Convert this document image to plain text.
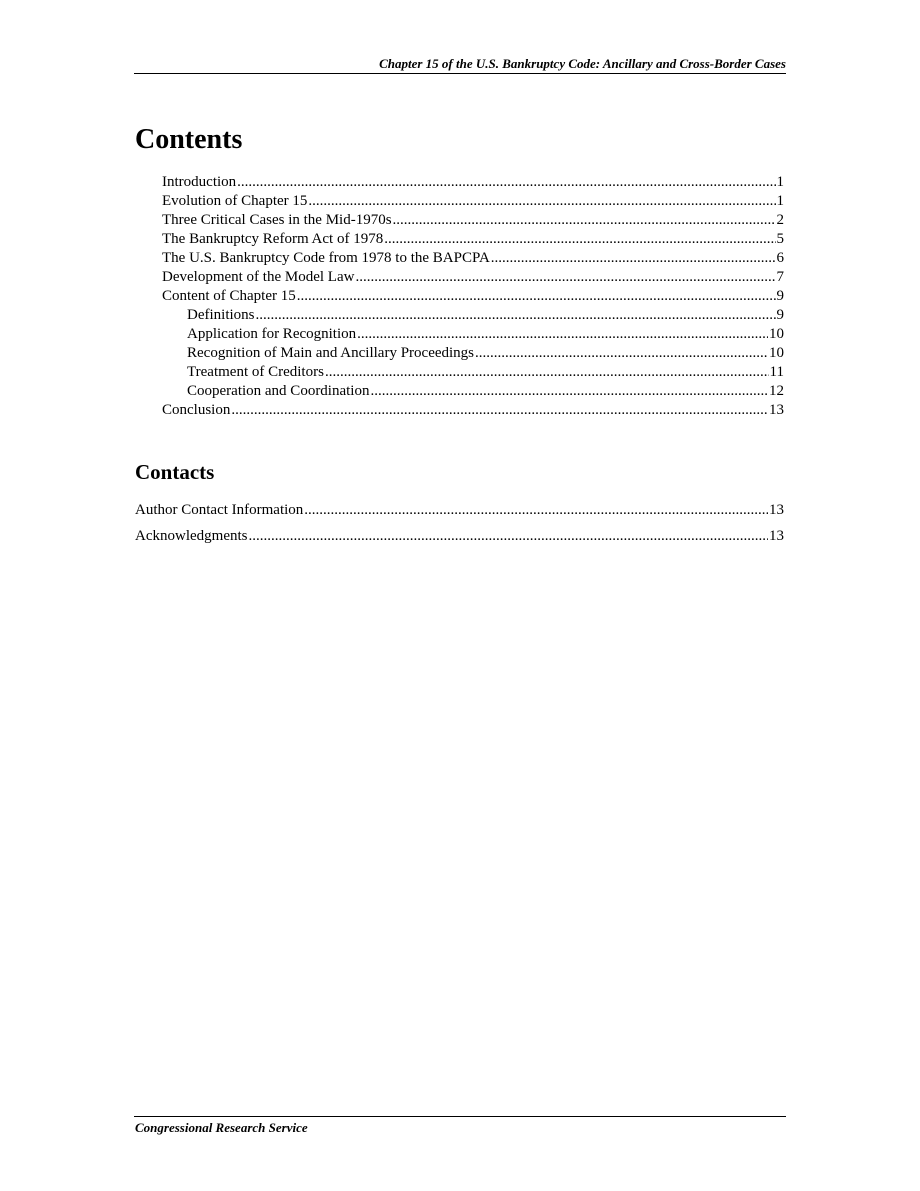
Chapter 15 of the U.S. Bankruptcy Code: Ancillary and Cross-Border Cases
Contents
Introduction .....	1
Evolution of Chapter 15 .....	1
Three Critical Cases in the Mid-1970s .....	2
The Bankruptcy Reform Act of 1978 .....	5
The U.S. Bankruptcy Code from 1978 to the BAPCPA .....	6
Development of the Model Law .....	7
Content of Chapter 15 .....	9
Definitions .....	9
Application for Recognition .....	10
Recognition of Main and Ancillary Proceedings .....	10
Treatment of Creditors .....	11
Cooperation and Coordination .....	12
Conclusion .....	13
Contacts
Author Contact Information .....	13
Acknowledgments .....	13
Congressional Research Service
